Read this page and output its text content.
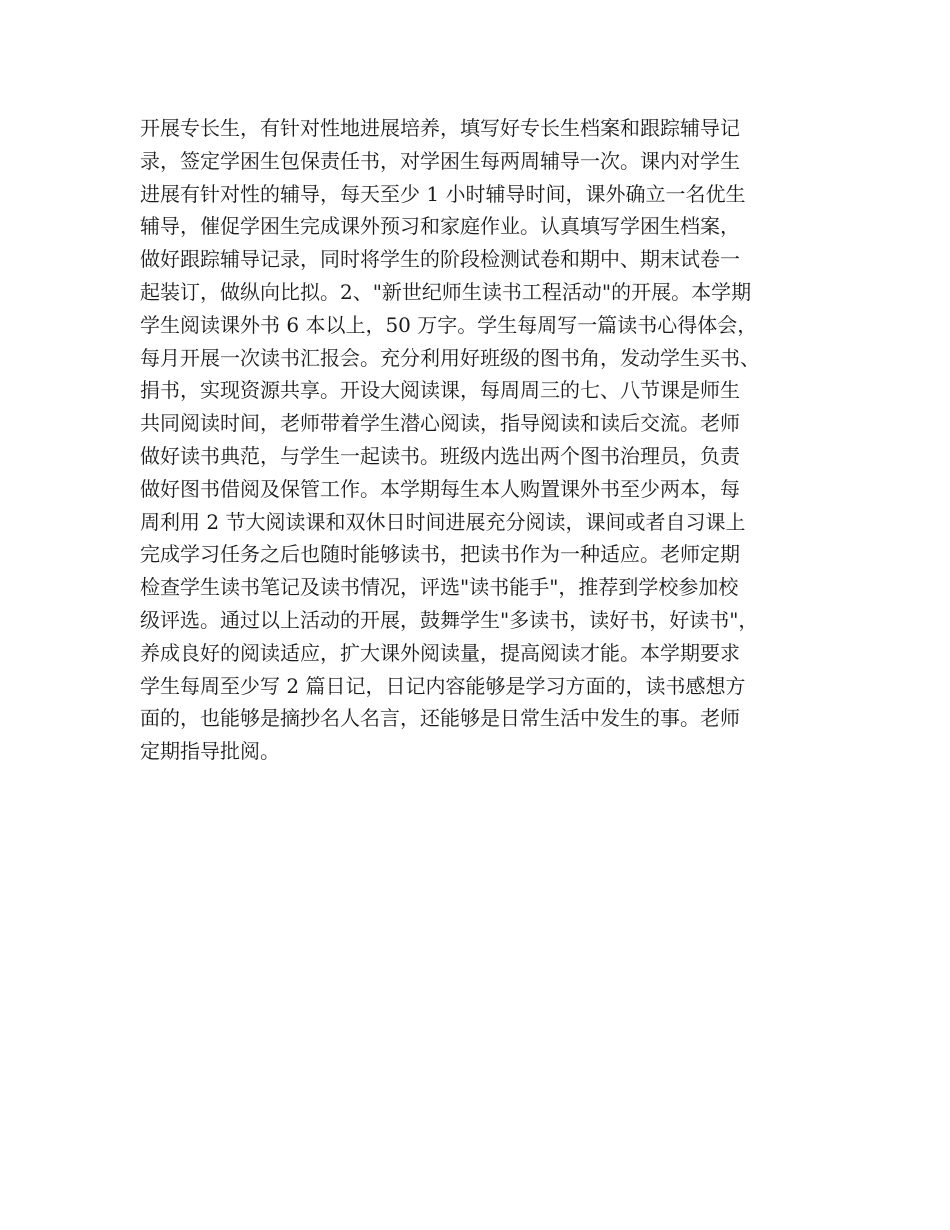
开展专长生，有针对性地进展培养，填写好专长生档案和跟踪辅导记
录，签定学困生包保责任书，对学困生每两周辅导一次。课内对学生
进展有针对性的辅导，每天至少 1 小时辅导时间，课外确立一名优生
辅导，催促学困生完成课外预习和家庭作业。认真填写学困生档案，
做好跟踪辅导记录，同时将学生的阶段检测试卷和期中、期末试卷一
起装订，做纵向比拟。2、"新世纪师生读书工程活动"的开展。本学期
学生阅读课外书 6 本以上，50 万字。学生每周写一篇读书心得体会，
每月开展一次读书汇报会。充分利用好班级的图书角，发动学生买书、
捐书，实现资源共享。开设大阅读课，每周周三的七、八节课是师生
共同阅读时间，老师带着学生潜心阅读，指导阅读和读后交流。老师
做好读书典范，与学生一起读书。班级内选出两个图书治理员，负责
做好图书借阅及保管工作。本学期每生本人购置课外书至少两本，每
周利用 2 节大阅读课和双休日时间进展充分阅读，课间或者自习课上
完成学习任务之后也随时能够读书，把读书作为一种适应。老师定期
检查学生读书笔记及读书情况，评选"读书能手"，推荐到学校参加校
级评选。通过以上活动的开展，鼓舞学生"多读书，读好书，好读书"，
养成良好的阅读适应，扩大课外阅读量，提高阅读才能。本学期要求
学生每周至少写 2 篇日记，日记内容能够是学习方面的，读书感想方
面的，也能够是摘抄名人名言，还能够是日常生活中发生的事。老师
定期指导批阅。
